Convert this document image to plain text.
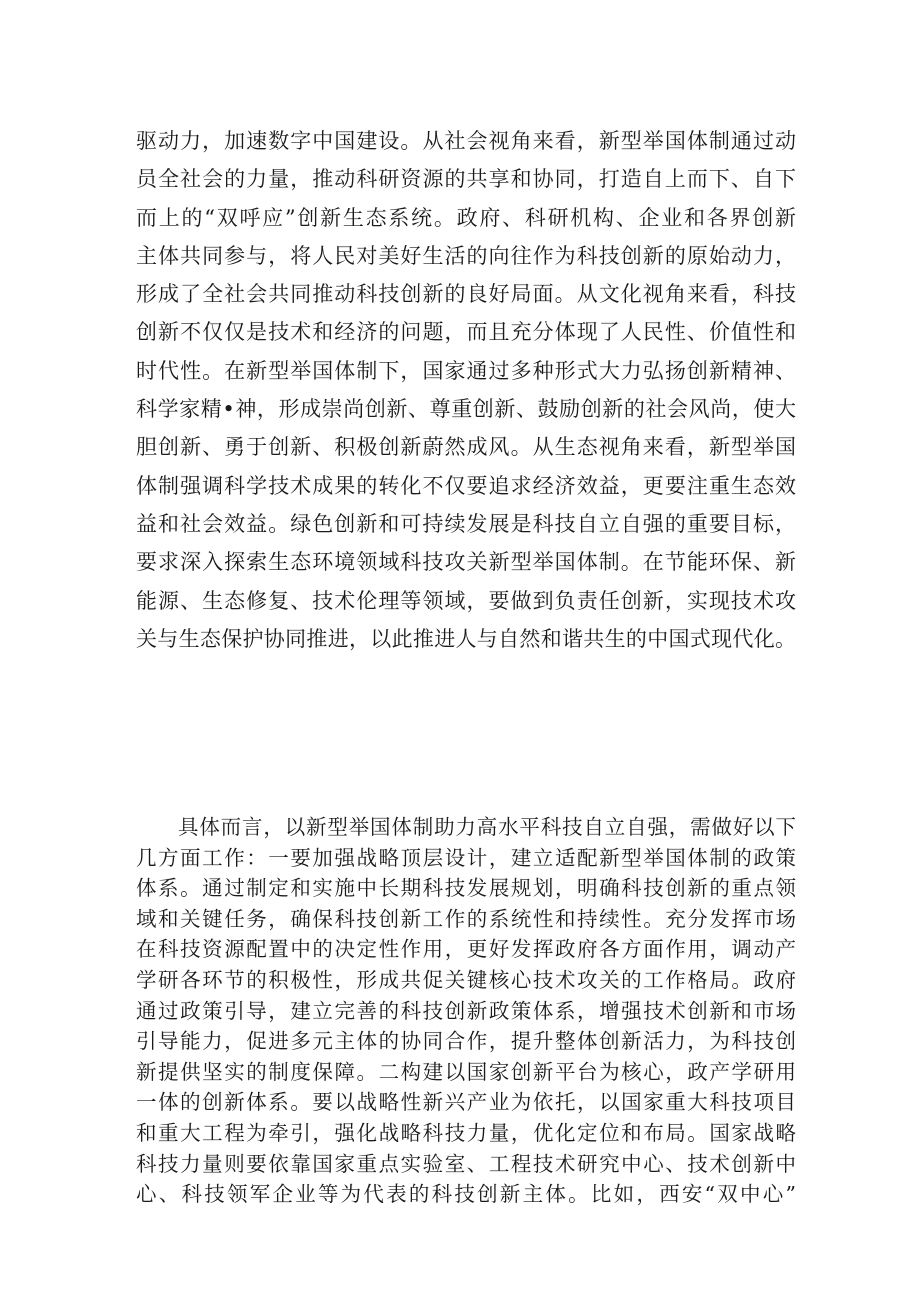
驱动力，加速数字中国建设。从社会视角来看，新型举国体制通过动
员全社会的力量，推动科研资源的共享和协同，打造自上而下、自下
而上的“双呼应”创新生态系统。政府、科研机构、企业和各界创新
主体共同参与，将人民对美好生活的向往作为科技创新的原始动力，
形成了全社会共同推动科技创新的良好局面。从文化视角来看，科技
创新不仅仅是技术和经济的问题，而且充分体现了人民性、价值性和
时代性。在新型举国体制下，国家通过多种形式大力弘扬创新精神、
科学家精•神，形成崇尚创新、尊重创新、鼓励创新的社会风尚，使大
胆创新、勇于创新、积极创新蔚然成风。从生态视角来看，新型举国
体制强调科学技术成果的转化不仅要追求经济效益，更要注重生态效
益和社会效益。绿色创新和可持续发展是科技自立自强的重要目标，
要求深入探索生态环境领域科技攻关新型举国体制。在节能环保、新
能源、生态修复、技术伦理等领域，要做到负责任创新，实现技术攻
关与生态保护协同推进，以此推进人与自然和谐共生的中国式现代化。
具体而言，以新型举国体制助力高水平科技自立自强，需做好以下
几方面工作：一要加强战略顶层设计，建立适配新型举国体制的政策
体系。通过制定和实施中长期科技发展规划，明确科技创新的重点领
域和关键任务，确保科技创新工作的系统性和持续性。充分发挥市场
在科技资源配置中的决定性作用，更好发挥政府各方面作用，调动产
学研各环节的积极性，形成共促关键核心技术攻关的工作格局。政府
通过政策引导，建立完善的科技创新政策体系，增强技术创新和市场
引导能力，促进多元主体的协同合作，提升整体创新活力，为科技创
新提供坚实的制度保障。二构建以国家创新平台为核心，政产学研用
一体的创新体系。要以战略性新兴产业为依托，以国家重大科技项目
和重大工程为牵引，强化战略科技力量，优化定位和布局。国家战略
科技力量则要依靠国家重点实验室、工程技术研究中心、技术创新中
心、科技领军企业等为代表的科技创新主体。比如，西安“双中心”
